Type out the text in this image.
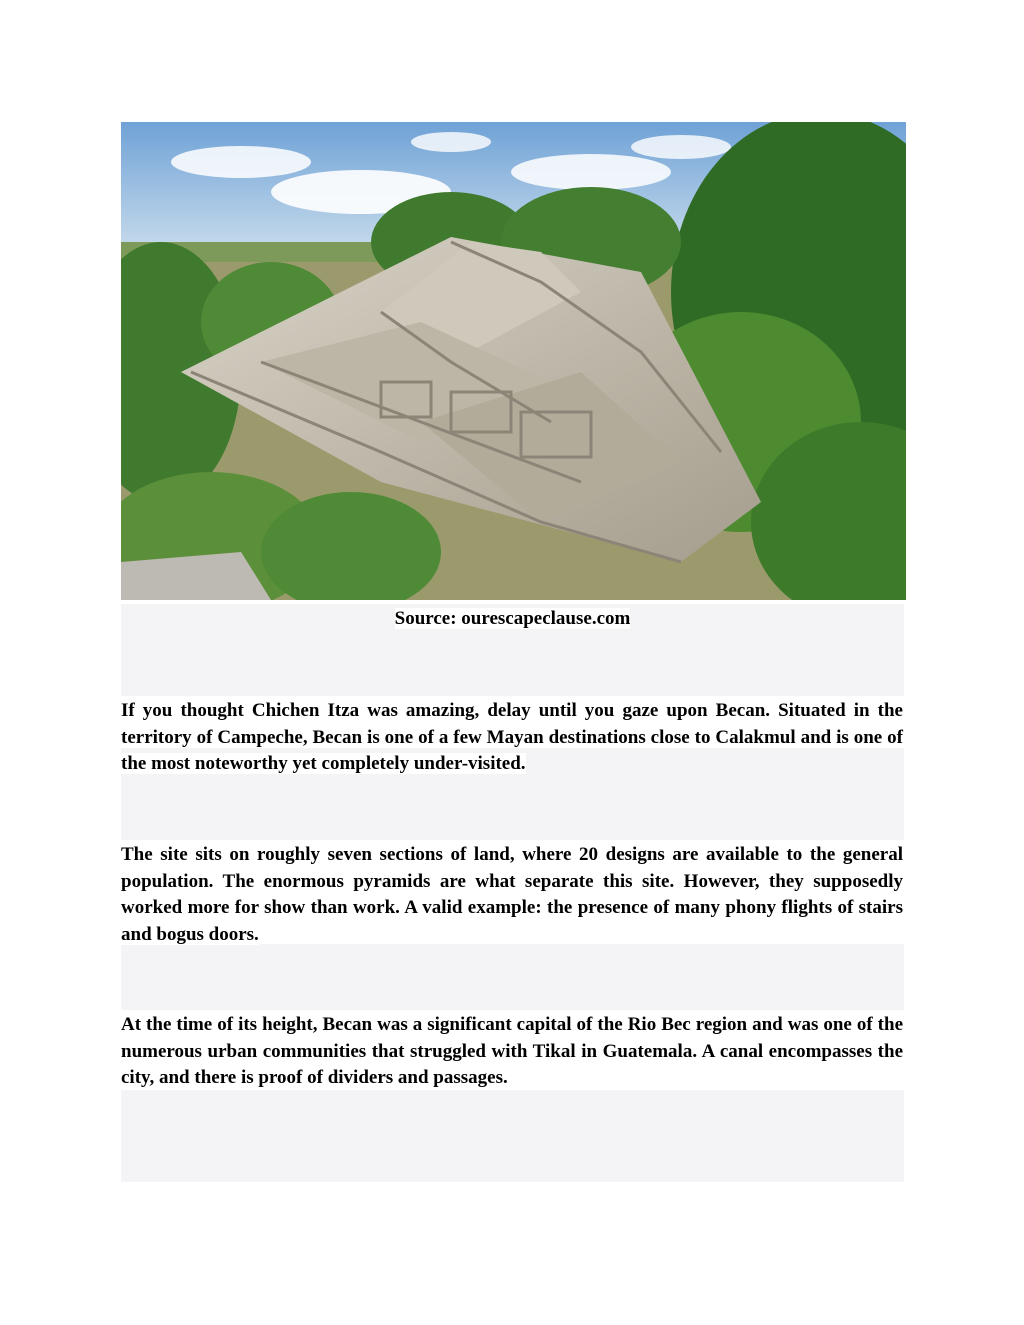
Source: ourescapeclause.com
If you thought Chichen Itza was amazing, delay until you gaze upon Becan. Situated in the territory of Campeche, Becan is one of a few Mayan destinations close to Calakmul and is one of the most noteworthy yet completely under-visited.
The site sits on roughly seven sections of land, where 20 designs are available to the general population. The enormous pyramids are what separate this site. However, they supposedly worked more for show than work. A valid example: the presence of many phony flights of stairs and bogus doors.
At the time of its height, Becan was a significant capital of the Rio Bec region and was one of the numerous urban communities that struggled with Tikal in Guatemala. A canal encompasses the city, and there is proof of dividers and passages.
